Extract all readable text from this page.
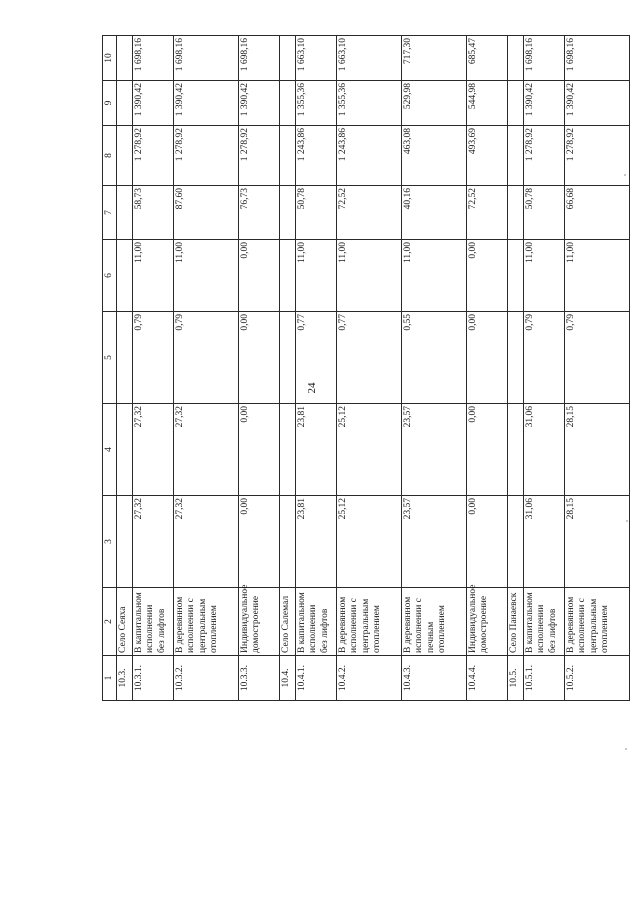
24
1	2	3	4	5	6	7	8	9	10
10.3.	Село Сеяха								
10.3.1.	В капитальном исполнении без лифтов	27,32	27,32	0,79	11,00	58,73	1 278,92	1 390,42	1 698,16
10.3.2.	В деревянном исполнении с центральным отоплением	27,32	27,32	0,79	11,00	87,60	1 278,92	1 390,42	1 698,16
10.3.3.	Индивидуальное домостроение	0,00	0,00	0,00	0,00	76,73	1 278,92	1 390,42	1 698,16
10.4.	Село Салемал								
10.4.1.	В капитальном исполнении без лифтов	23,81	23,81	0,77	11,00	50,78	1 243,86	1 355,36	1 663,10
10.4.2.	В деревянном исполнении с центральным отоплением	25,12	25,12	0,77	11,00	72,52	1 243,86	1 355,36	1 663,10
10.4.3.	В деревянном исполнении с печным отоплением	23,57	23,57	0,55	11,00	40,16	463,08	529,98	717,30
10.4.4.	Индивидуальное домостроение	0,00	0,00	0,00	0,00	72,52	493,69	544,98	685,47
10.5.	Село Панаевск								
10.5.1.	В капитальном исполнении без лифтов	31,06	31,06	0,79	11,00	50,78	1 278,92	1 390,42	1 698,16
10.5.2.	В деревянном исполнении с центральным отоплением	28,15	28,15	0,79	11,00	66,68	1 278,92	1 390,42	1 698,16
